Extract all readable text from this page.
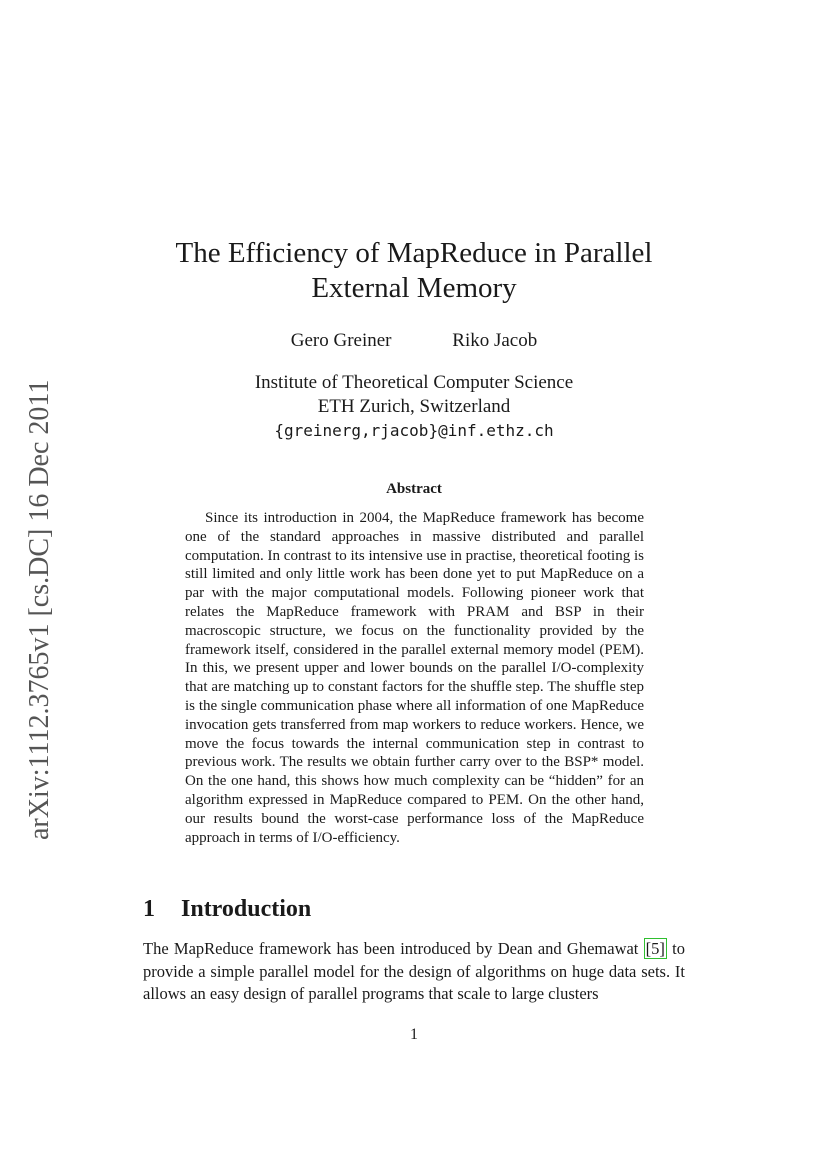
arXiv:1112.3765v1 [cs.DC] 16 Dec 2011
The Efficiency of MapReduce in Parallel
External Memory
Gero Greiner	Riko Jacob
Institute of Theoretical Computer Science
ETH Zurich, Switzerland
{greinerg,rjacob}@inf.ethz.ch
Abstract

Since its introduction in 2004, the MapReduce framework has become one of the standard approaches in massive distributed and parallel computation. In contrast to its intensive use in practise, theoretical footing is still limited and only little work has been done yet to put MapReduce on a par with the major computational models. Following pioneer work that relates the MapReduce framework with PRAM and BSP in their macroscopic structure, we focus on the functionality provided by the framework itself, considered in the parallel external memory model (PEM). In this, we present upper and lower bounds on the parallel I/O-complexity that are matching up to constant factors for the shuffle step. The shuffle step is the single communication phase where all information of one MapReduce invocation gets transferred from map workers to reduce workers. Hence, we move the focus towards the internal communication step in contrast to previous work. The results we obtain further carry over to the BSP* model. On the one hand, this shows how much complexity can be “hidden” for an algorithm expressed in MapReduce compared to PEM. On the other hand, our results bound the worst-case performance loss of the MapReduce approach in terms of I/O-efficiency.

1 Introduction

The MapReduce framework has been introduced by Dean and Ghemawat [5] to provide a simple parallel model for the design of algorithms on huge data sets. It allows an easy design of parallel programs that scale to large clusters

1
